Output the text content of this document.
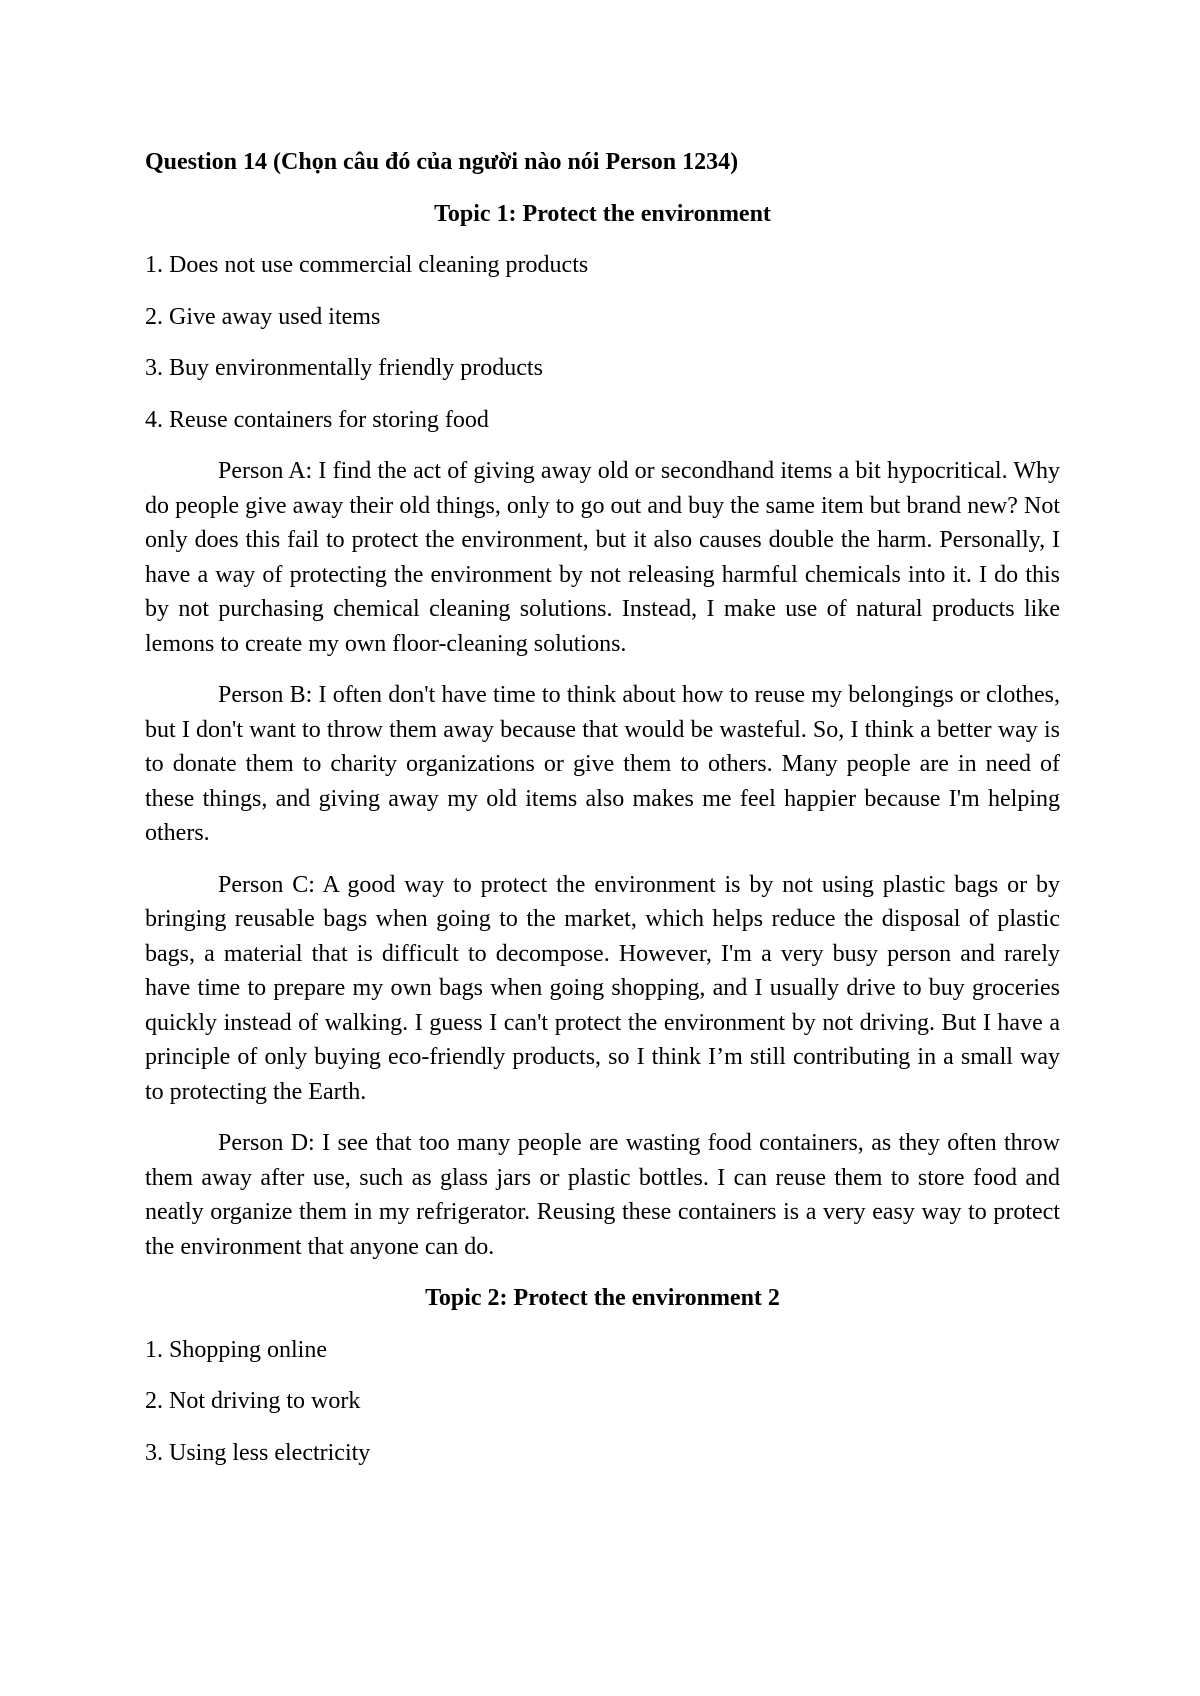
Question 14 (Chọn câu đó của người nào nói Person 1234)

Topic 1: Protect the environment

1. Does not use commercial cleaning products

2. Give away used items

3. Buy environmentally friendly products

4. Reuse containers for storing food

Person A: I find the act of giving away old or secondhand items a bit hypocritical. Why do people give away their old things, only to go out and buy the same item but brand new? Not only does this fail to protect the environment, but it also causes double the harm. Personally, I have a way of protecting the environment by not releasing harmful chemicals into it. I do this by not purchasing chemical cleaning solutions. Instead, I make use of natural products like lemons to create my own floor-cleaning solutions.

Person B: I often don't have time to think about how to reuse my belongings or clothes, but I don't want to throw them away because that would be wasteful. So, I think a better way is to donate them to charity organizations or give them to others. Many people are in need of these things, and giving away my old items also makes me feel happier because I'm helping others.

Person C: A good way to protect the environment is by not using plastic bags or by bringing reusable bags when going to the market, which helps reduce the disposal of plastic bags, a material that is difficult to decompose. However, I'm a very busy person and rarely have time to prepare my own bags when going shopping, and I usually drive to buy groceries quickly instead of walking. I guess I can't protect the environment by not driving. But I have a principle of only buying eco-friendly products, so I think I’m still contributing in a small way to protecting the Earth.

Person D: I see that too many people are wasting food containers, as they often throw them away after use, such as glass jars or plastic bottles. I can reuse them to store food and neatly organize them in my refrigerator. Reusing these containers is a very easy way to protect the environment that anyone can do.

Topic 2: Protect the environment 2

1. Shopping online

2. Not driving to work

3. Using less electricity
